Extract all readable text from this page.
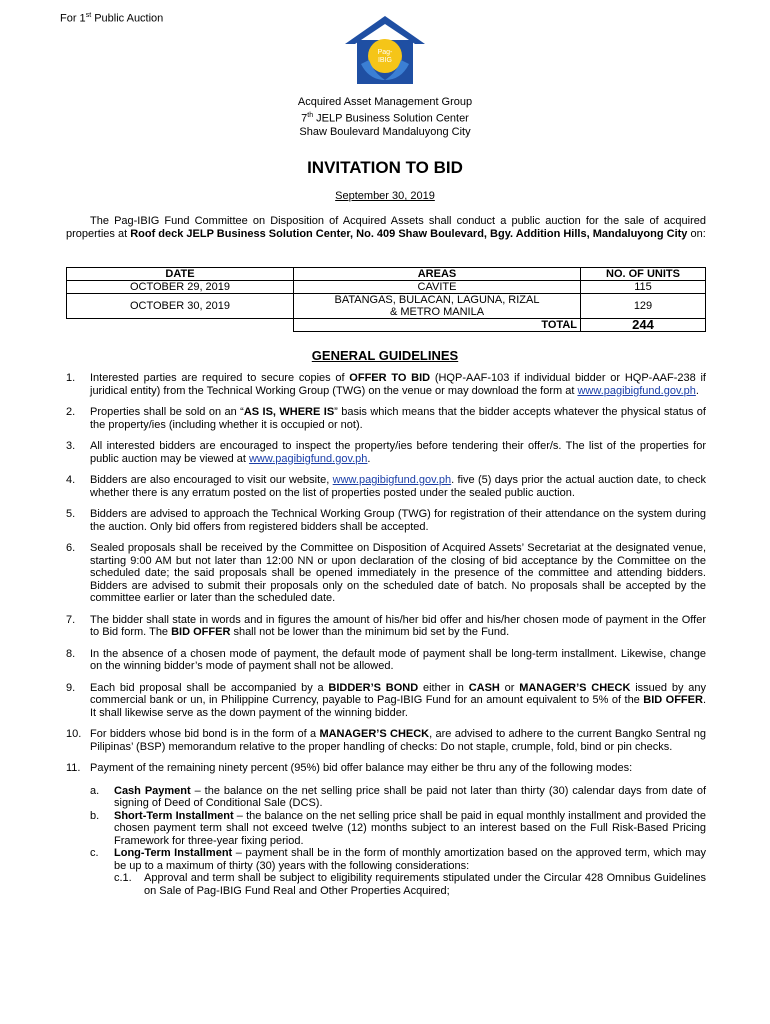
For 1st Public Auction
Pag-
IBIG
Acquired Asset Management Group
7th JELP Business Solution Center
Shaw Boulevard Mandaluyong City
INVITATION TO BID
September 30, 2019
The Pag-IBIG Fund Committee on Disposition of Acquired Assets shall conduct a public auction for the sale of acquired properties at Roof deck JELP Business Solution Center, No. 409 Shaw Boulevard, Bgy. Addition Hills, Mandaluyong City on:
DATE	AREAS	NO. OF UNITS
OCTOBER 29, 2019	CAVITE	115
OCTOBER 30, 2019	BATANGAS, BULACAN, LAGUNA, RIZAL & METRO MANILA	129
	TOTAL	244
GENERAL GUIDELINES
1.	Interested parties are required to secure copies of OFFER TO BID (HQP-AAF-103 if individual bidder or HQP-AAF-238 if juridical entity) from the Technical Working Group (TWG) on the venue or may download the form at www.pagibigfund.gov.ph.
2.	Properties shall be sold on an “AS IS, WHERE IS” basis which means that the bidder accepts whatever the physical status of the property/ies (including whether it is occupied or not).
3.	All interested bidders are encouraged to inspect the property/ies before tendering their offer/s. The list of the properties for public auction may be viewed at www.pagibigfund.gov.ph.
4.	Bidders are also encouraged to visit our website, www.pagibigfund.gov.ph. five (5) days prior the actual auction date, to check whether there is any erratum posted on the list of properties posted under the sealed public auction.
5.	Bidders are advised to approach the Technical Working Group (TWG) for registration of their attendance on the system during the auction. Only bid offers from registered bidders shall be accepted.
6.	Sealed proposals shall be received by the Committee on Disposition of Acquired Assets’ Secretariat at the designated venue, starting 9:00 AM but not later than 12:00 NN or upon declaration of the closing of bid acceptance by the Committee on the scheduled date; the said proposals shall be opened immediately in the presence of the committee and attending bidders. Bidders are advised to submit their proposals only on the scheduled date of batch. No proposals shall be accepted by the committee earlier or later than the scheduled date.
7.	The bidder shall state in words and in figures the amount of his/her bid offer and his/her chosen mode of payment in the Offer to Bid form. The BID OFFER shall not be lower than the minimum bid set by the Fund.
8.	In the absence of a chosen mode of payment, the default mode of payment shall be long-term installment. Likewise, change on the winning bidder’s mode of payment shall not be allowed.
9.	Each bid proposal shall be accompanied by a BIDDER’S BOND either in CASH or MANAGER’S CHECK issued by any commercial bank or un, in Philippine Currency, payable to Pag-IBIG Fund for an amount equivalent to 5% of the BID OFFER. It shall likewise serve as the down payment of the winning bidder.
10. For bidders whose bid bond is in the form of a MANAGER’S CHECK, are advised to adhere to the current Bangko Sentral ng Pilipinas’ (BSP) memorandum relative to the proper handling of checks: Do not staple, crumple, fold, bind or pin checks.
11. Payment of the remaining ninety percent (95%) bid offer balance may either be thru any of the following modes:
a.	Cash Payment – the balance on the net selling price shall be paid not later than thirty (30) calendar days from date of signing of Deed of Conditional Sale (DCS).
b.	Short-Term Installment – the balance on the net selling price shall be paid in equal monthly installment and provided the chosen payment term shall not exceed twelve (12) months subject to an interest based on the Full Risk-Based Pricing Framework for three-year fixing period.
c.	Long-Term Installment – payment shall be in the form of monthly amortization based on the approved term, which may be up to a maximum of thirty (30) years with the following considerations:
c.1.	Approval and term shall be subject to eligibility requirements stipulated under the Circular 428 Omnibus Guidelines on Sale of Pag-IBIG Fund Real and Other Properties Acquired;
